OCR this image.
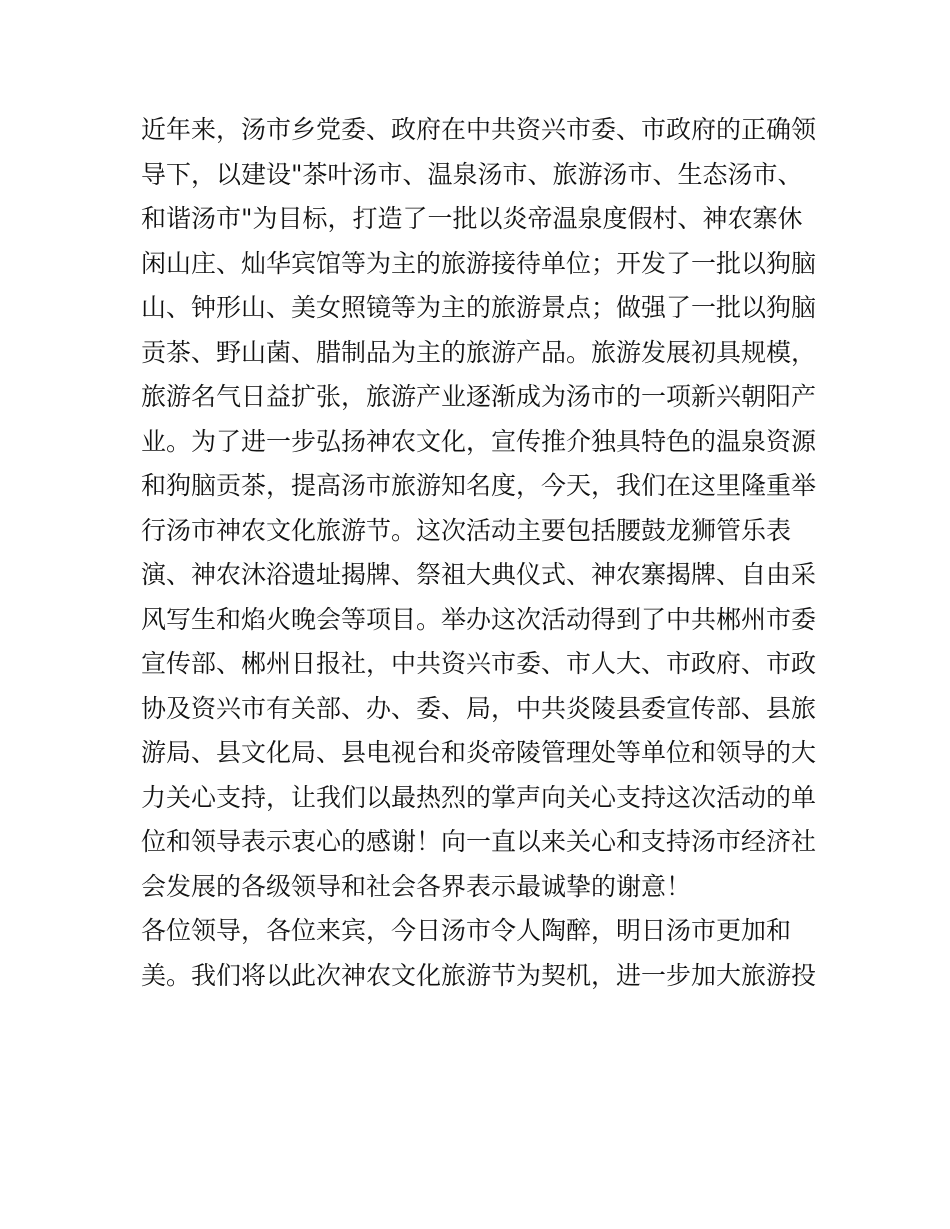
近年来，汤市乡党委、政府在中共资兴市委、市政府的正确领
导下，以建设"茶叶汤市、温泉汤市、旅游汤市、生态汤市、
和谐汤市"为目标，打造了一批以炎帝温泉度假村、神农寨休
闲山庄、灿华宾馆等为主的旅游接待单位；开发了一批以狗脑
山、钟形山、美女照镜等为主的旅游景点；做强了一批以狗脑
贡茶、野山菌、腊制品为主的旅游产品。旅游发展初具规模，
旅游名气日益扩张，旅游产业逐渐成为汤市的一项新兴朝阳产
业。为了进一步弘扬神农文化，宣传推介独具特色的温泉资源
和狗脑贡茶，提高汤市旅游知名度，今天，我们在这里隆重举
行汤市神农文化旅游节。这次活动主要包括腰鼓龙狮管乐表
演、神农沐浴遗址揭牌、祭祖大典仪式、神农寨揭牌、自由采
风写生和焰火晚会等项目。举办这次活动得到了中共郴州市委
宣传部、郴州日报社，中共资兴市委、市人大、市政府、市政
协及资兴市有关部、办、委、局，中共炎陵县委宣传部、县旅
游局、县文化局、县电视台和炎帝陵管理处等单位和领导的大
力关心支持，让我们以最热烈的掌声向关心支持这次活动的单
位和领导表示衷心的感谢！向一直以来关心和支持汤市经济社
会发展的各级领导和社会各界表示最诚挚的谢意！
各位领导，各位来宾，今日汤市令人陶醉，明日汤市更加和
美。我们将以此次神农文化旅游节为契机，进一步加大旅游投
